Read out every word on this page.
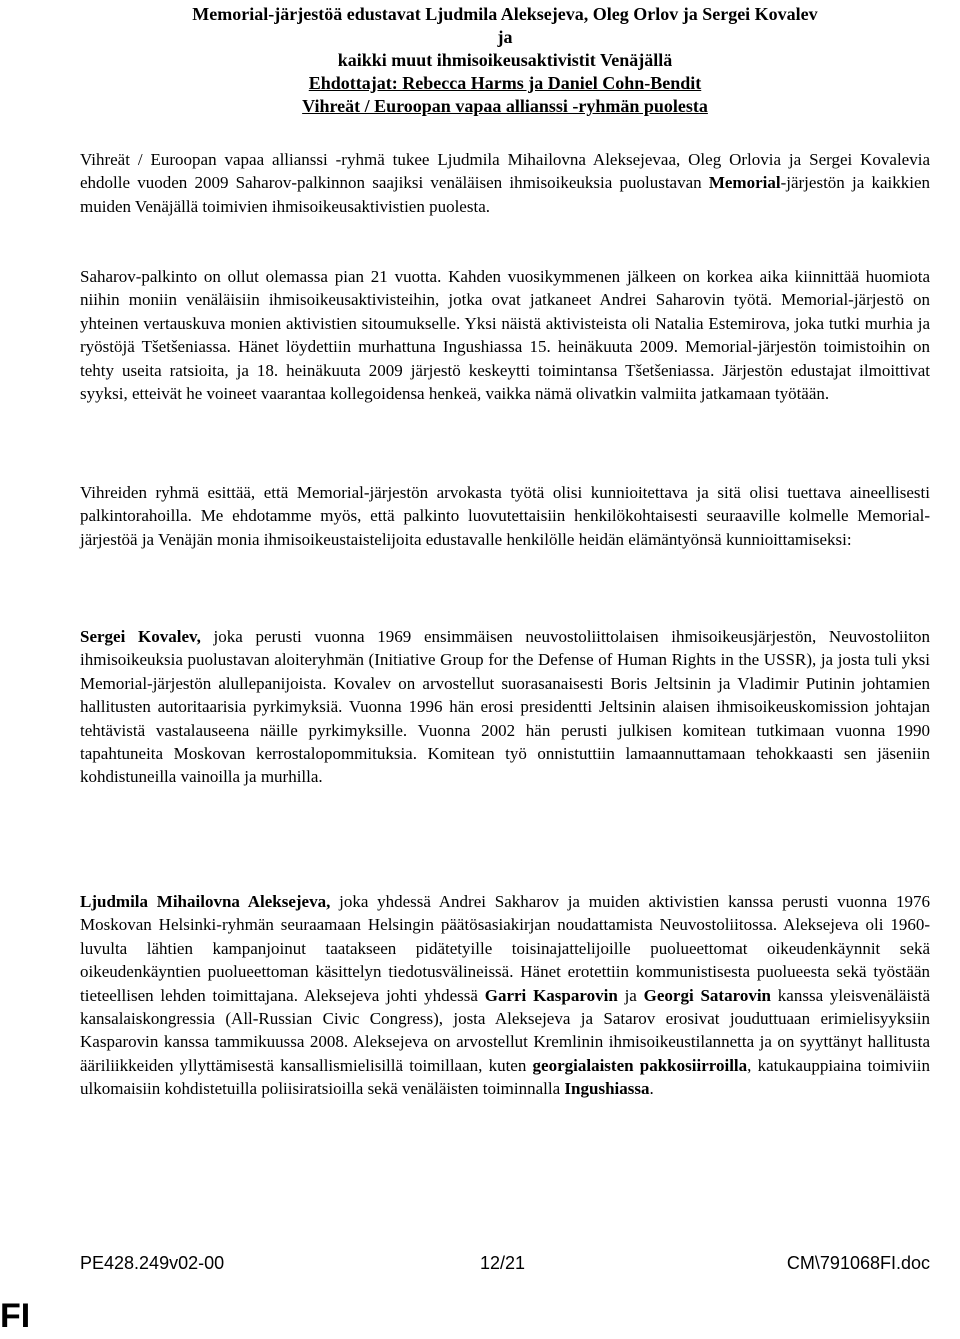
Memorial-järjestöä edustavat Ljudmila Aleksejeva, Oleg Orlov ja Sergei Kovalev
ja
kaikki muut ihmisoikeusaktivistit Venäjällä
Ehdottajat: Rebecca Harms ja Daniel Cohn-Bendit
Vihreät / Euroopan vapaa allianssi -ryhmän puolesta

Vihreät / Euroopan vapaa allianssi -ryhmä tukee Ljudmila Mihailovna Aleksejevaa, Oleg Orlovia ja Sergei Kovalevia ehdolle vuoden 2009 Saharov-palkinnon saajiksi venäläisen ihmisoikeuksia puolustavan Memorial-järjestön ja kaikkien muiden Venäjällä toimivien ihmisoikeusaktivistien puolesta.

Saharov-palkinto on ollut olemassa pian 21 vuotta. Kahden vuosikymmenen jälkeen on korkea aika kiinnittää huomiota niihin moniin venäläisiin ihmisoikeusaktivisteihin, jotka ovat jatkaneet Andrei Saharovin työtä. Memorial-järjestö on yhteinen vertauskuva monien aktivistien sitoumukselle. Yksi näistä aktivisteista oli Natalia Estemirova, joka tutki murhia ja ryöstöjä Tšetšeniassa. Hänet löydettiin murhattuna Ingushiassa 15. heinäkuuta 2009. Memorial-järjestön toimistoihin on tehty useita ratsioita, ja 18. heinäkuuta 2009 järjestö keskeytti toimintansa Tšetšeniassa. Järjestön edustajat ilmoittivat syyksi, etteivät he voineet vaarantaa kollegoidensa henkeä, vaikka nämä olivatkin valmiita jatkamaan työtään.

Vihreiden ryhmä esittää, että Memorial-järjestön arvokasta työtä olisi kunnioitettava ja sitä olisi tuettava aineellisesti palkintorahoilla. Me ehdotamme myös, että palkinto luovutettaisiin henkilökohtaisesti seuraaville kolmelle Memorial-järjestöä ja Venäjän monia ihmisoikeustaistelijoita edustavalle henkilölle heidän elämäntyönsä kunnioittamiseksi:

Sergei Kovalev, joka perusti vuonna 1969 ensimmäisen neuvostoliittolaisen ihmisoikeusjärjestön, Neuvostoliiton ihmisoikeuksia puolustavan aloiteryhmän (Initiative Group for the Defense of Human Rights in the USSR), ja josta tuli yksi Memorial-järjestön alullepanijoista. Kovalev on arvostellut suorasanaisesti Boris Jeltsinin ja Vladimir Putinin johtamien hallitusten autoritaarisia pyrkimyksiä. Vuonna 1996 hän erosi presidentti Jeltsinin alaisen ihmisoikeuskomission johtajan tehtävistä vastalauseena näille pyrkimyksille. Vuonna 2002 hän perusti julkisen komitean tutkimaan vuonna 1990 tapahtuneita Moskovan kerrostalopommituksia. Komitean työ onnistuttiin lamaannuttamaan tehokkaasti sen jäseniin kohdistuneilla vainoilla ja murhilla.

Ljudmila Mihailovna Aleksejeva, joka yhdessä Andrei Sakharov ja muiden aktivistien kanssa perusti vuonna 1976 Moskovan Helsinki-ryhmän seuraamaan Helsingin päätösasiakirjan noudattamista Neuvostoliitossa. Aleksejeva oli 1960-luvulta lähtien kampanjoinut taatakseen pidätetyille toisinajattelijoille puolueettomat oikeudenkäynnit sekä oikeudenkäyntien puolueettoman käsittelyn tiedotusvälineissä. Hänet erotettiin kommunistisesta puolueesta sekä työstään tieteellisen lehden toimittajana. Aleksejeva johti yhdessä Garri Kasparovin ja Georgi Satarovin kanssa yleisvenäläistä kansalaiskongressia (All-Russian Civic Congress), josta Aleksejeva ja Satarov erosivat jouduttuaan erimielisyyksiin Kasparovin kanssa tammikuussa 2008. Aleksejeva on arvostellut Kremlinin ihmisoikeustilannetta ja on syyttänyt hallitusta ääriliikkeiden yllyttämisestä kansallismielisillä toimillaan, kuten georgialaisten pakkosiirroilla, katukauppiaina toimiviin ulkomaisiin kohdistetuilla poliisiratsioilla sekä venäläisten toiminnalla Ingushiassa.

PE428.249v02-00	12/21	CM\791068FI.doc
FI
